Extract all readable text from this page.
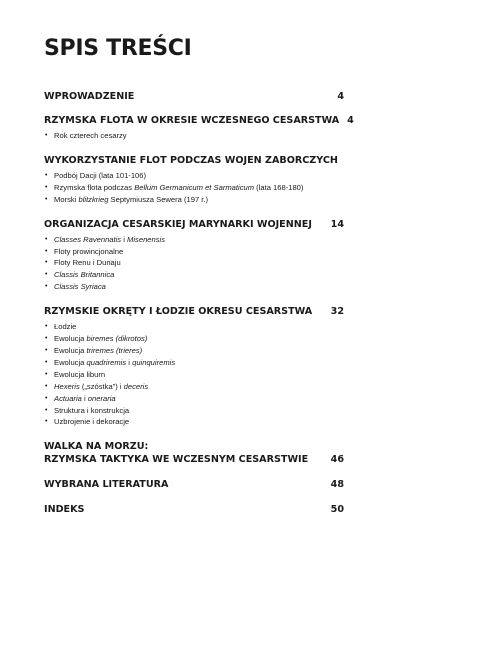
SPIS TREŚCI
WPROWADZENIE	4
RZYMSKA FLOTA W OKRESIE WCZESNEGO CESARSTWA 4
• Rok czterech cesarzy
WYKORZYSTANIE FLOT PODCZAS WOJEN ZABORCZYCH
• Podbój Dacji (lata 101-106)
• Rzymska flota podczas Bellum Germanicum et Sarmaticum (lata 168-180)
• Morski blitzkrieg Septymiusza Sewera (197 r.)
ORGANIZACJA CESARSKIEJ MARYNARKI WOJENNEJ	14
• Classes Ravennatis i Misenensis
• Floty prowincjonalne
• Floty Renu i Dunaju
• Classis Britannica
• Classis Syriaca
RZYMSKIE OKRĘTY I ŁODZIE OKRESU CESARSTWA	32
• Łodzie
• Ewolucja biremes (dikrotos)
• Ewolucja triremes (trieres)
• Ewolucja quadriremis i quinquiremis
• Ewolucja liburn
• Hexeris („szóstka”) i deceris
• Actuaria i oneraria
• Struktura i konstrukcja
• Uzbrojenie i dekoracje
WALKA NA MORZU:
RZYMSKA TAKTYKA WE WCZESNYM CESARSTWIE	46
WYBRANA LITERATURA	48
INDEKS	50
